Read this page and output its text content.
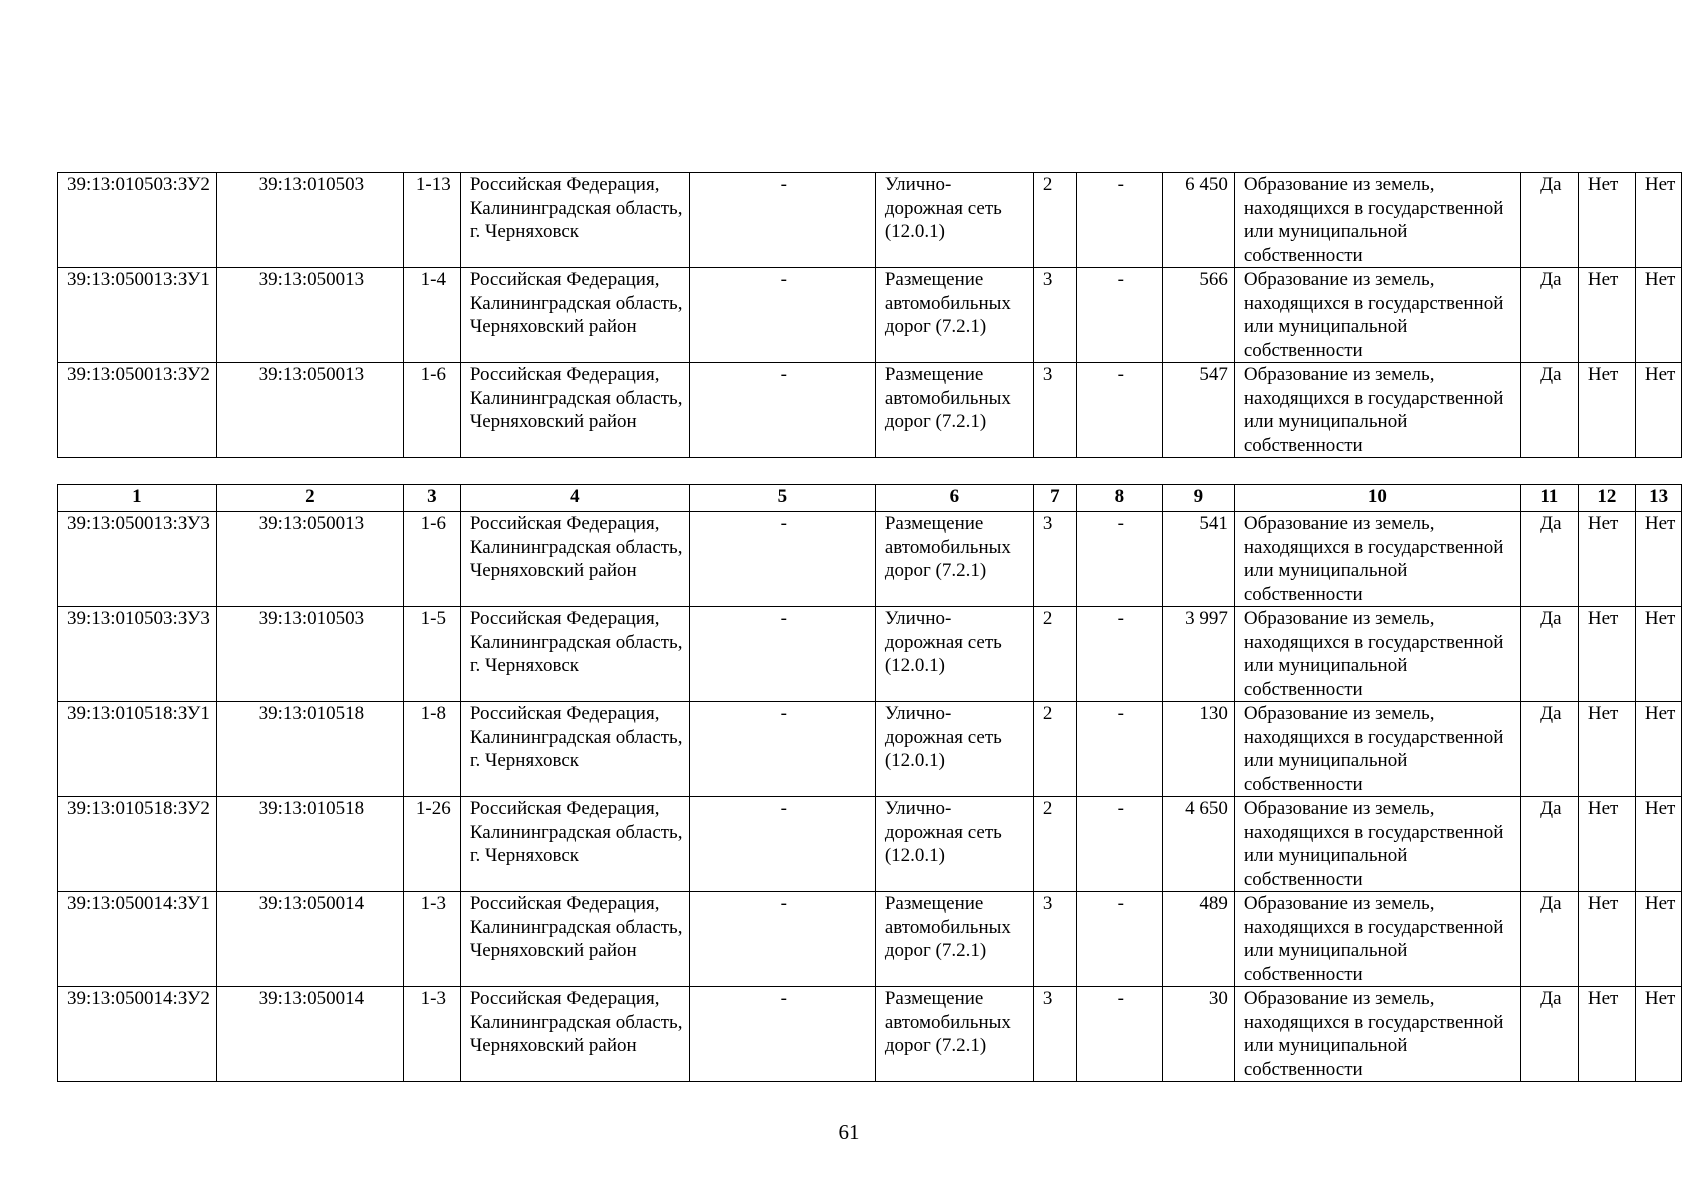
39:13:010503:ЗУ2	39:13:010503	1-13	Российская Федерация, Калининградская область, г. Черняховск	-	Улично-дорожная сеть (12.0.1)	2	-	6 450	Образование из земель, находящихся в государственной или муниципальной собственности	Да	Нет	Нет
39:13:050013:ЗУ1	39:13:050013	1-4	Российская Федерация, Калининградская область, Черняховский район	-	Размещение автомобильных дорог (7.2.1)	3	-	566	Образование из земель, находящихся в государственной или муниципальной собственности	Да	Нет	Нет
39:13:050013:ЗУ2	39:13:050013	1-6	Российская Федерация, Калининградская область, Черняховский район	-	Размещение автомобильных дорог (7.2.1)	3	-	547	Образование из земель, находящихся в государственной или муниципальной собственности	Да	Нет	Нет
1	2	3	4	5	6	7	8	9	10	11	12	13
39:13:050013:ЗУ3	39:13:050013	1-6	Российская Федерация, Калининградская область, Черняховский район	-	Размещение автомобильных дорог (7.2.1)	3	-	541	Образование из земель, находящихся в государственной или муниципальной собственности	Да	Нет	Нет
39:13:010503:ЗУ3	39:13:010503	1-5	Российская Федерация, Калининградская область, г. Черняховск	-	Улично-дорожная сеть (12.0.1)	2	-	3 997	Образование из земель, находящихся в государственной или муниципальной собственности	Да	Нет	Нет
39:13:010518:ЗУ1	39:13:010518	1-8	Российская Федерация, Калининградская область, г. Черняховск	-	Улично-дорожная сеть (12.0.1)	2	-	130	Образование из земель, находящихся в государственной или муниципальной собственности	Да	Нет	Нет
39:13:010518:ЗУ2	39:13:010518	1-26	Российская Федерация, Калининградская область, г. Черняховск	-	Улично-дорожная сеть (12.0.1)	2	-	4 650	Образование из земель, находящихся в государственной или муниципальной собственности	Да	Нет	Нет
39:13:050014:ЗУ1	39:13:050014	1-3	Российская Федерация, Калининградская область, Черняховский район	-	Размещение автомобильных дорог (7.2.1)	3	-	489	Образование из земель, находящихся в государственной или муниципальной собственности	Да	Нет	Нет
39:13:050014:ЗУ2	39:13:050014	1-3	Российская Федерация, Калининградская область, Черняховский район	-	Размещение автомобильных дорог (7.2.1)	3	-	30	Образование из земель, находящихся в государственной или муниципальной собственности	Да	Нет	Нет
61
